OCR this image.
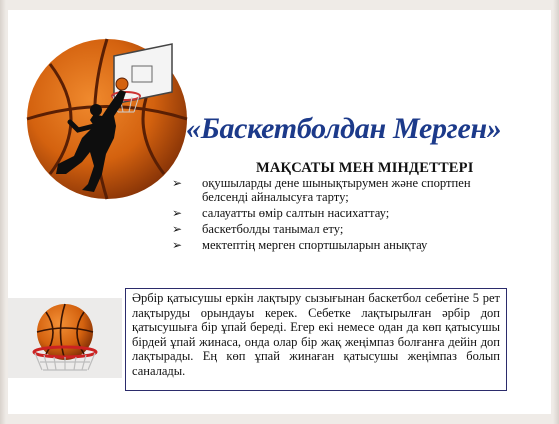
«Баскетболдан Мерген»
МАҚСАТЫ МЕН МІНДЕТТЕРІ
➢ оқушыларды дене шынықтырумен және спортпен белсенді айналысуға тарту;
➢ салауатты өмір салтын насихаттау;
➢ баскетболды танымал ету;
➢ мектептің мерген спортшыларын анықтау
Әрбір қатысушы еркін лақтыру сызығынан баскетбол себетіне 5 рет лақтыруды орындауы керек. Себетке лақтырылған әрбір доп қатысушыға бір ұпай береді. Егер екі немесе одан да көп қатысушы бірдей ұпай жинаса, онда олар бір жақ жеңімпаз болғанға дейін доп лақтырады. Ең көп ұпай жинаған қатысушы жеңімпаз болып саналады.
